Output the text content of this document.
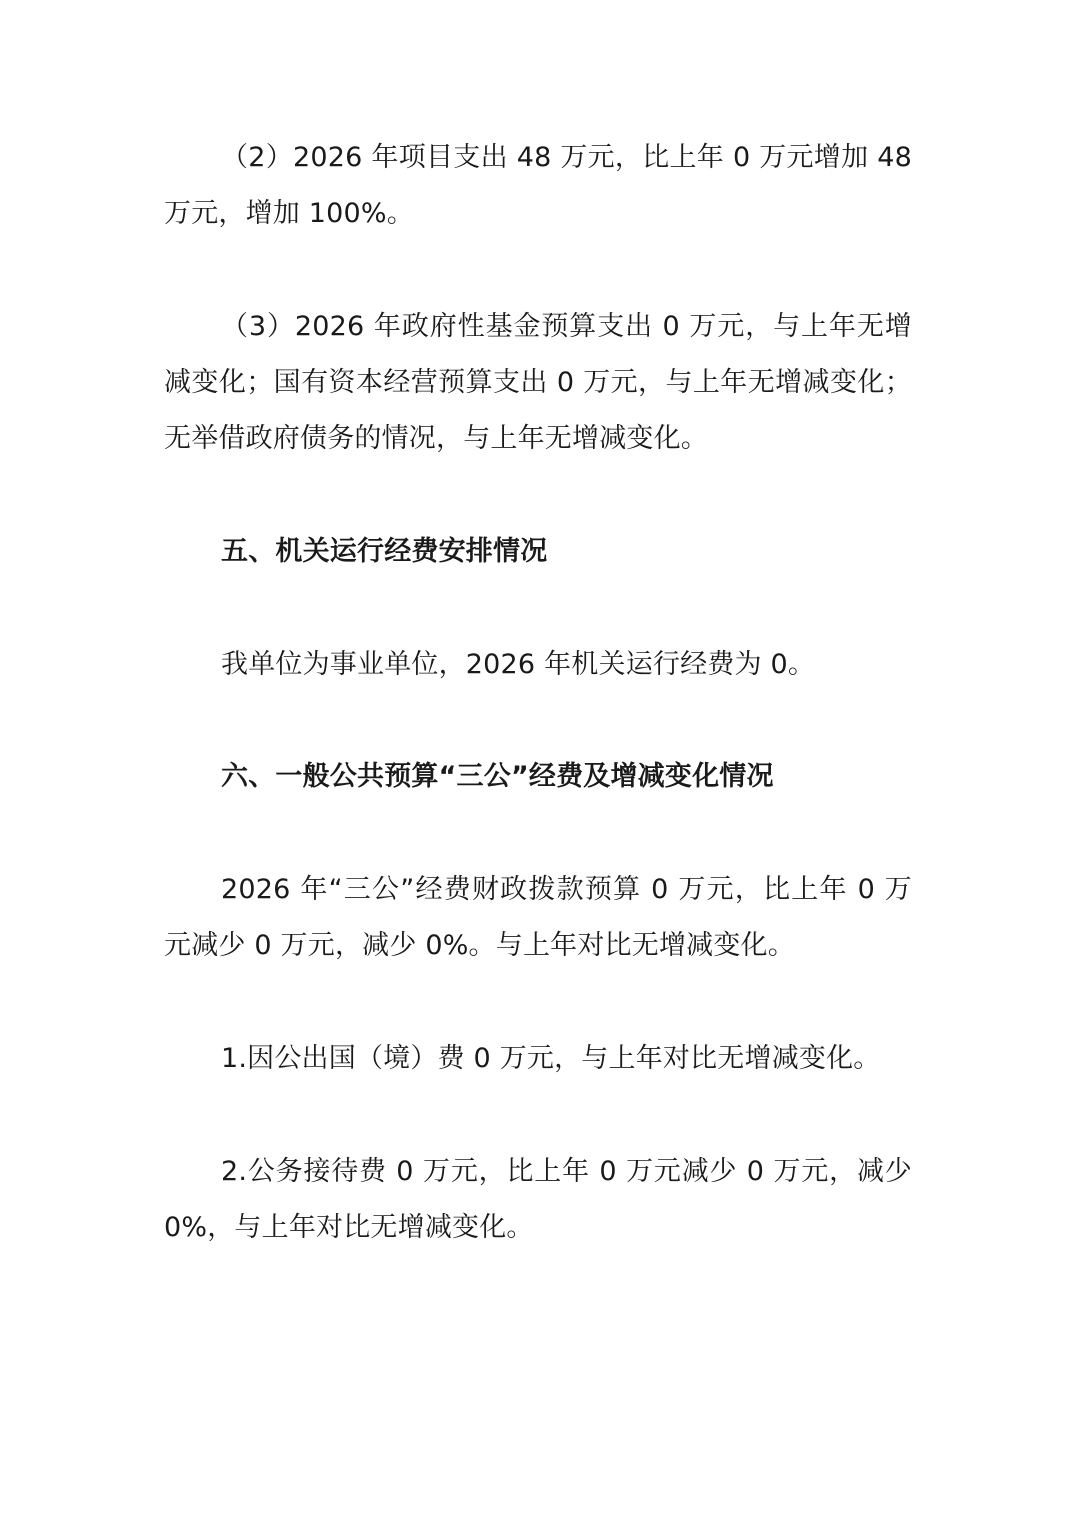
（2）2026 年项目支出 48 万元，比上年 0 万元增加 48 万元，增加 100%。

（3）2026 年政府性基金预算支出 0 万元，与上年无增减变化；国有资本经营预算支出 0 万元，与上年无增减变化；无举借政府债务的情况，与上年无增减变化。

五、机关运行经费安排情况

我单位为事业单位，2026 年机关运行经费为 0。

六、一般公共预算“三公”经费及增减变化情况

2026 年“三公”经费财政拨款预算 0 万元，比上年 0 万元减少 0 万元，减少 0%。与上年对比无增减变化。

1.因公出国（境）费 0 万元，与上年对比无增减变化。

2.公务接待费 0 万元，比上年 0 万元减少 0 万元，减少 0%，与上年对比无增减变化。
